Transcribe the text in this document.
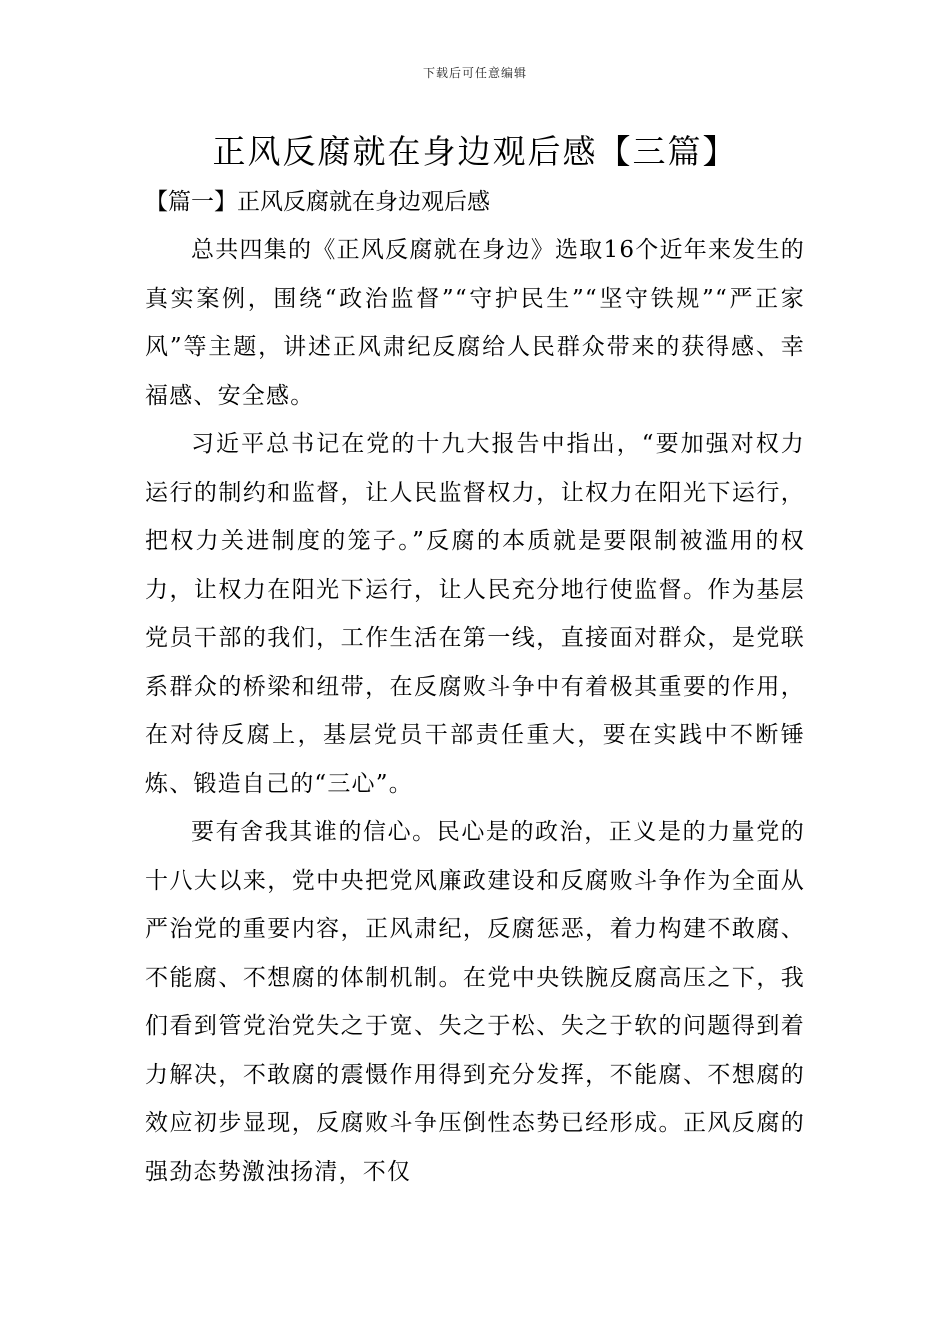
下载后可任意编辑
正风反腐就在身边观后感【三篇】
【篇一】正风反腐就在身边观后感

总共四集的《正风反腐就在身边》选取16个近年来发生的真实案例，围绕“政治监督”“守护民生”“坚守铁规”“严正家风”等主题，讲述正风肃纪反腐给人民群众带来的获得感、幸福感、安全感。

习近平总书记在党的十九大报告中指出，“要加强对权力运行的制约和监督，让人民监督权力，让权力在阳光下运行，把权力关进制度的笼子。”反腐的本质就是要限制被滥用的权力，让权力在阳光下运行，让人民充分地行使监督。作为基层党员干部的我们，工作生活在第一线，直接面对群众，是党联系群众的桥梁和纽带，在反腐败斗争中有着极其重要的作用，在对待反腐上，基层党员干部责任重大，要在实践中不断锤炼、锻造自己的“三心”。

要有舍我其谁的信心。民心是的政治，正义是的力量党的十八大以来，党中央把党风廉政建设和反腐败斗争作为全面从严治党的重要内容，正风肃纪，反腐惩恶，着力构建不敢腐、不能腐、不想腐的体制机制。在党中央铁腕反腐高压之下，我们看到管党治党失之于宽、失之于松、失之于软的问题得到着力解决，不敢腐的震慑作用得到充分发挥，不能腐、不想腐的效应初步显现，反腐败斗争压倒性态势已经形成。正风反腐的强劲态势激浊扬清，不仅
